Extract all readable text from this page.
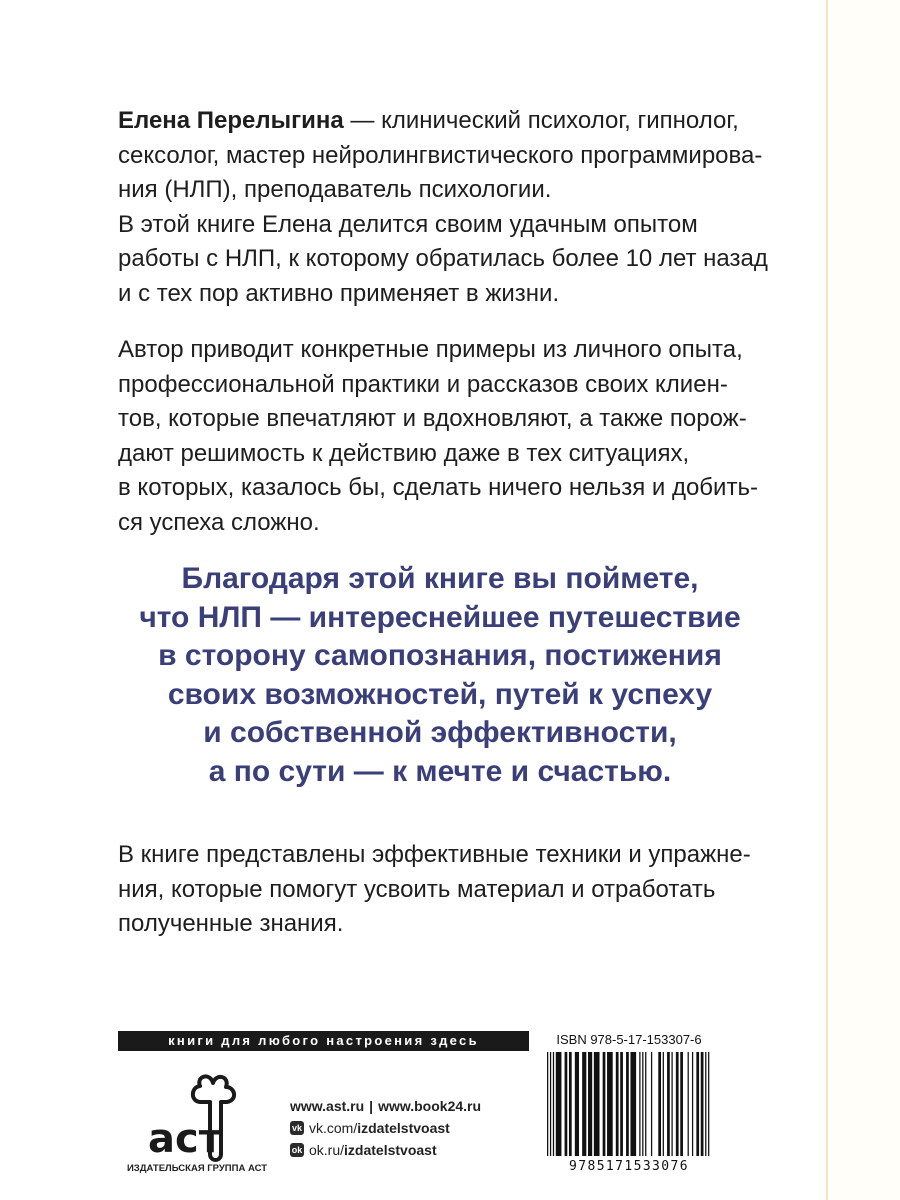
Елена Перелыгина — клинический психолог, гипнолог,
сексолог, мастер нейролингвистического программирова-
ния (НЛП), преподаватель психологии.
В этой книге Елена делится своим удачным опытом
работы с НЛП, к которому обратилась более 10 лет назад
и с тех пор активно применяет в жизни.
Автор приводит конкретные примеры из личного опыта,
профессиональной практики и рассказов своих клиен-
тов, которые впечатляют и вдохновляют, а также порож-
дают решимость к действию даже в тех ситуациях,
в которых, казалось бы, сделать ничего нельзя и добить-
ся успеха сложно.
Благодаря этой книге вы поймете,
что НЛП — интереснейшее путешествие
в сторону самопознания, постижения
своих возможностей, путей к успеху
и собственной эффективности,
а по сути — к мечте и счастью.
В книге представлены эффективные техники и упражне-
ния, которые помогут усвоить материал и отработать
полученные знания.
книги для любого настроения здесь
аст
ИЗДАТЕЛЬСКАЯ ГРУППА АСТ
www.ast.ru | www.book24.ru
vk vk.com/ izdatelstvoast
ok ok.ru/ izdatelstvoast
ISBN 978-5-17-153307-6
9785171533076
